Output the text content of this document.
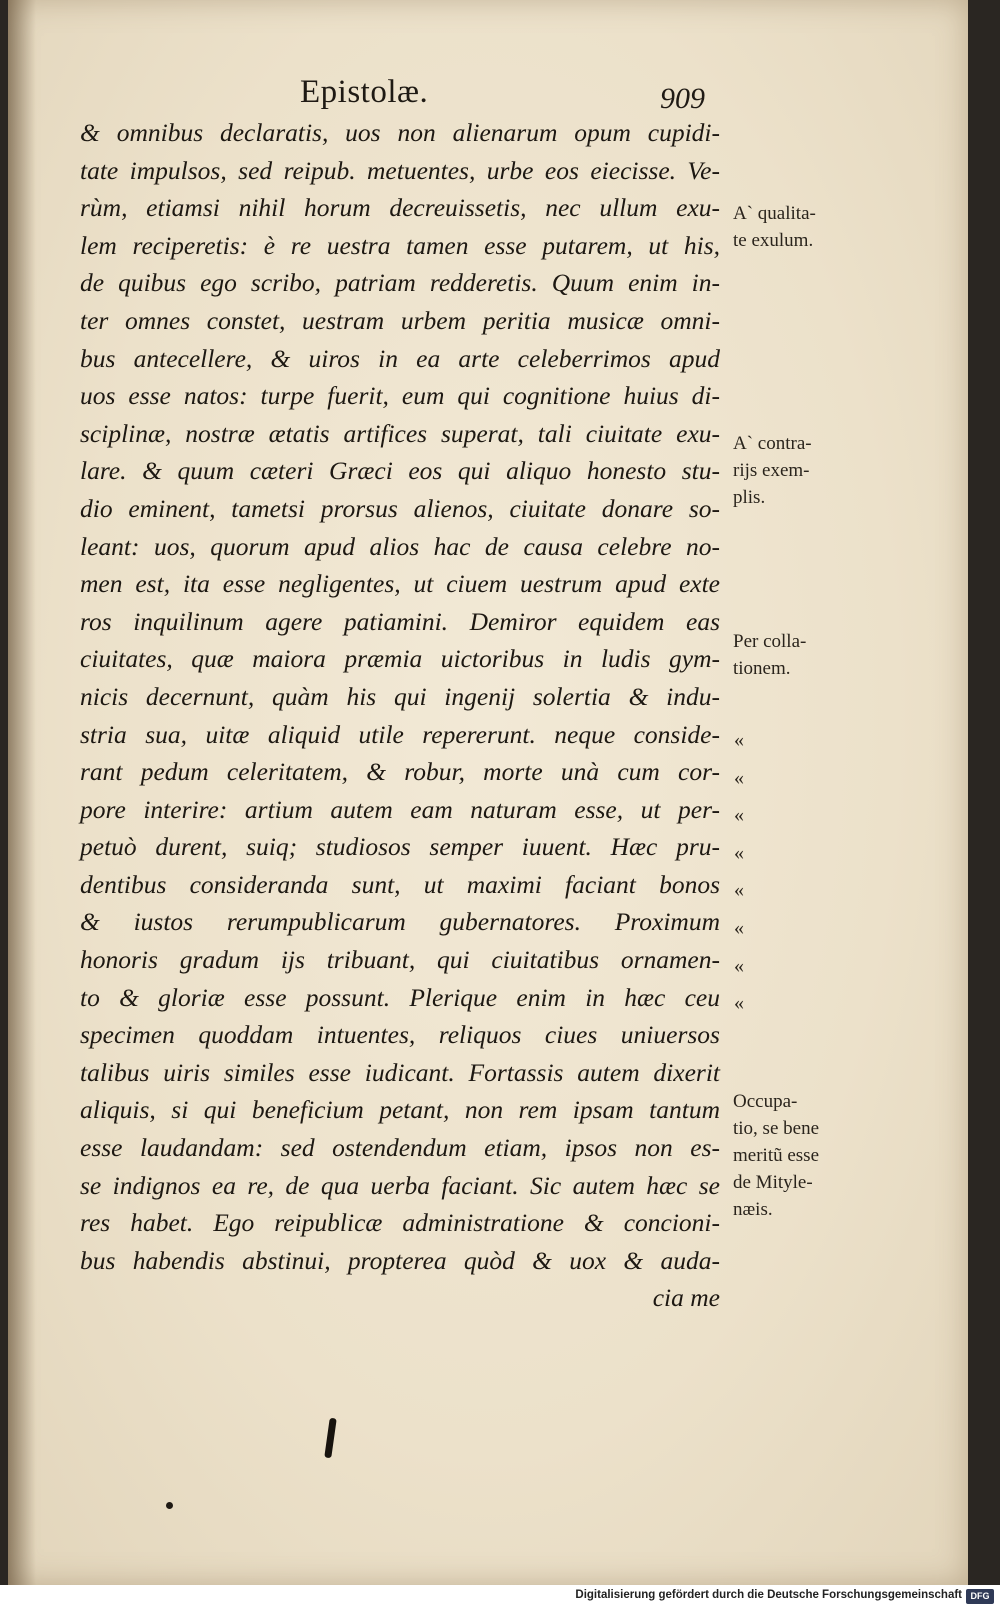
Epistolæ.	909
& omnibus declaratis, uos non alienarum opum cupidi-
tate impulsos, sed reipub. metuentes, urbe eos eiecisse. Ve-
rùm, etiamsi nihil horum decreuissetis, nec ullum exu-
lem reciperetis: è re uestra tamen esse putarem, ut his,
de quibus ego scribo, patriam redderetis. Quum enim in-
ter omnes constet, uestram urbem peritia musicæ omni-
bus antecellere, & uiros in ea arte celeberrimos apud
uos esse natos: turpe fuerit, eum qui cognitione huius di-
sciplinæ, nostræ ætatis artifices superat, tali ciuitate exu-
lare. & quum cæteri Græci eos qui aliquo honesto stu-
dio eminent, tametsi prorsus alienos, ciuitate donare so-
leant: uos, quorum apud alios hac de causa celebre no-
men est, ita esse negligentes, ut ciuem uestrum apud exte
ros inquilinum agere patiamini. Demiror equidem eas
ciuitates, quæ maiora præmia uictoribus in ludis gym-
nicis decernunt, quàm his qui ingenij solertia & indu-
stria sua, uitæ aliquid utile repererunt. neque conside-
rant pedum celeritatem, & robur, morte unà cum cor-
pore interire: artium autem eam naturam esse, ut per-
petuò durent, suiq; studiosos semper iuuent. Hæc pru-
dentibus consideranda sunt, ut maximi faciant bonos
& iustos rerumpublicarum gubernatores. Proximum
honoris gradum ijs tribuant, qui ciuitatibus ornamen-
to & gloriæ esse possunt. Plerique enim in hæc ceu
specimen quoddam intuentes, reliquos ciues uniuersos
talibus uiris similes esse iudicant. Fortassis autem dixerit
aliquis, si qui beneficium petant, non rem ipsam tantum
esse laudandam: sed ostendendum etiam, ipsos non es-
se indignos ea re, de qua uerba faciant. Sic autem hæc se
res habet. Ego reipublicæ administratione & concioni-
bus habendis abstinui, propterea quòd & uox & auda-
cia me
A` qualita-
te exulum.
A` contra-
rijs exem-
plis.
Per colla-
tionem.
Occupa-
tio, se bene
meritũ esse
de Mityle-
næis.
«
«
«
«
«
«
«
«
Digitalisierung gefördert durch die Deutsche Forschungsgemeinschaft DFG
